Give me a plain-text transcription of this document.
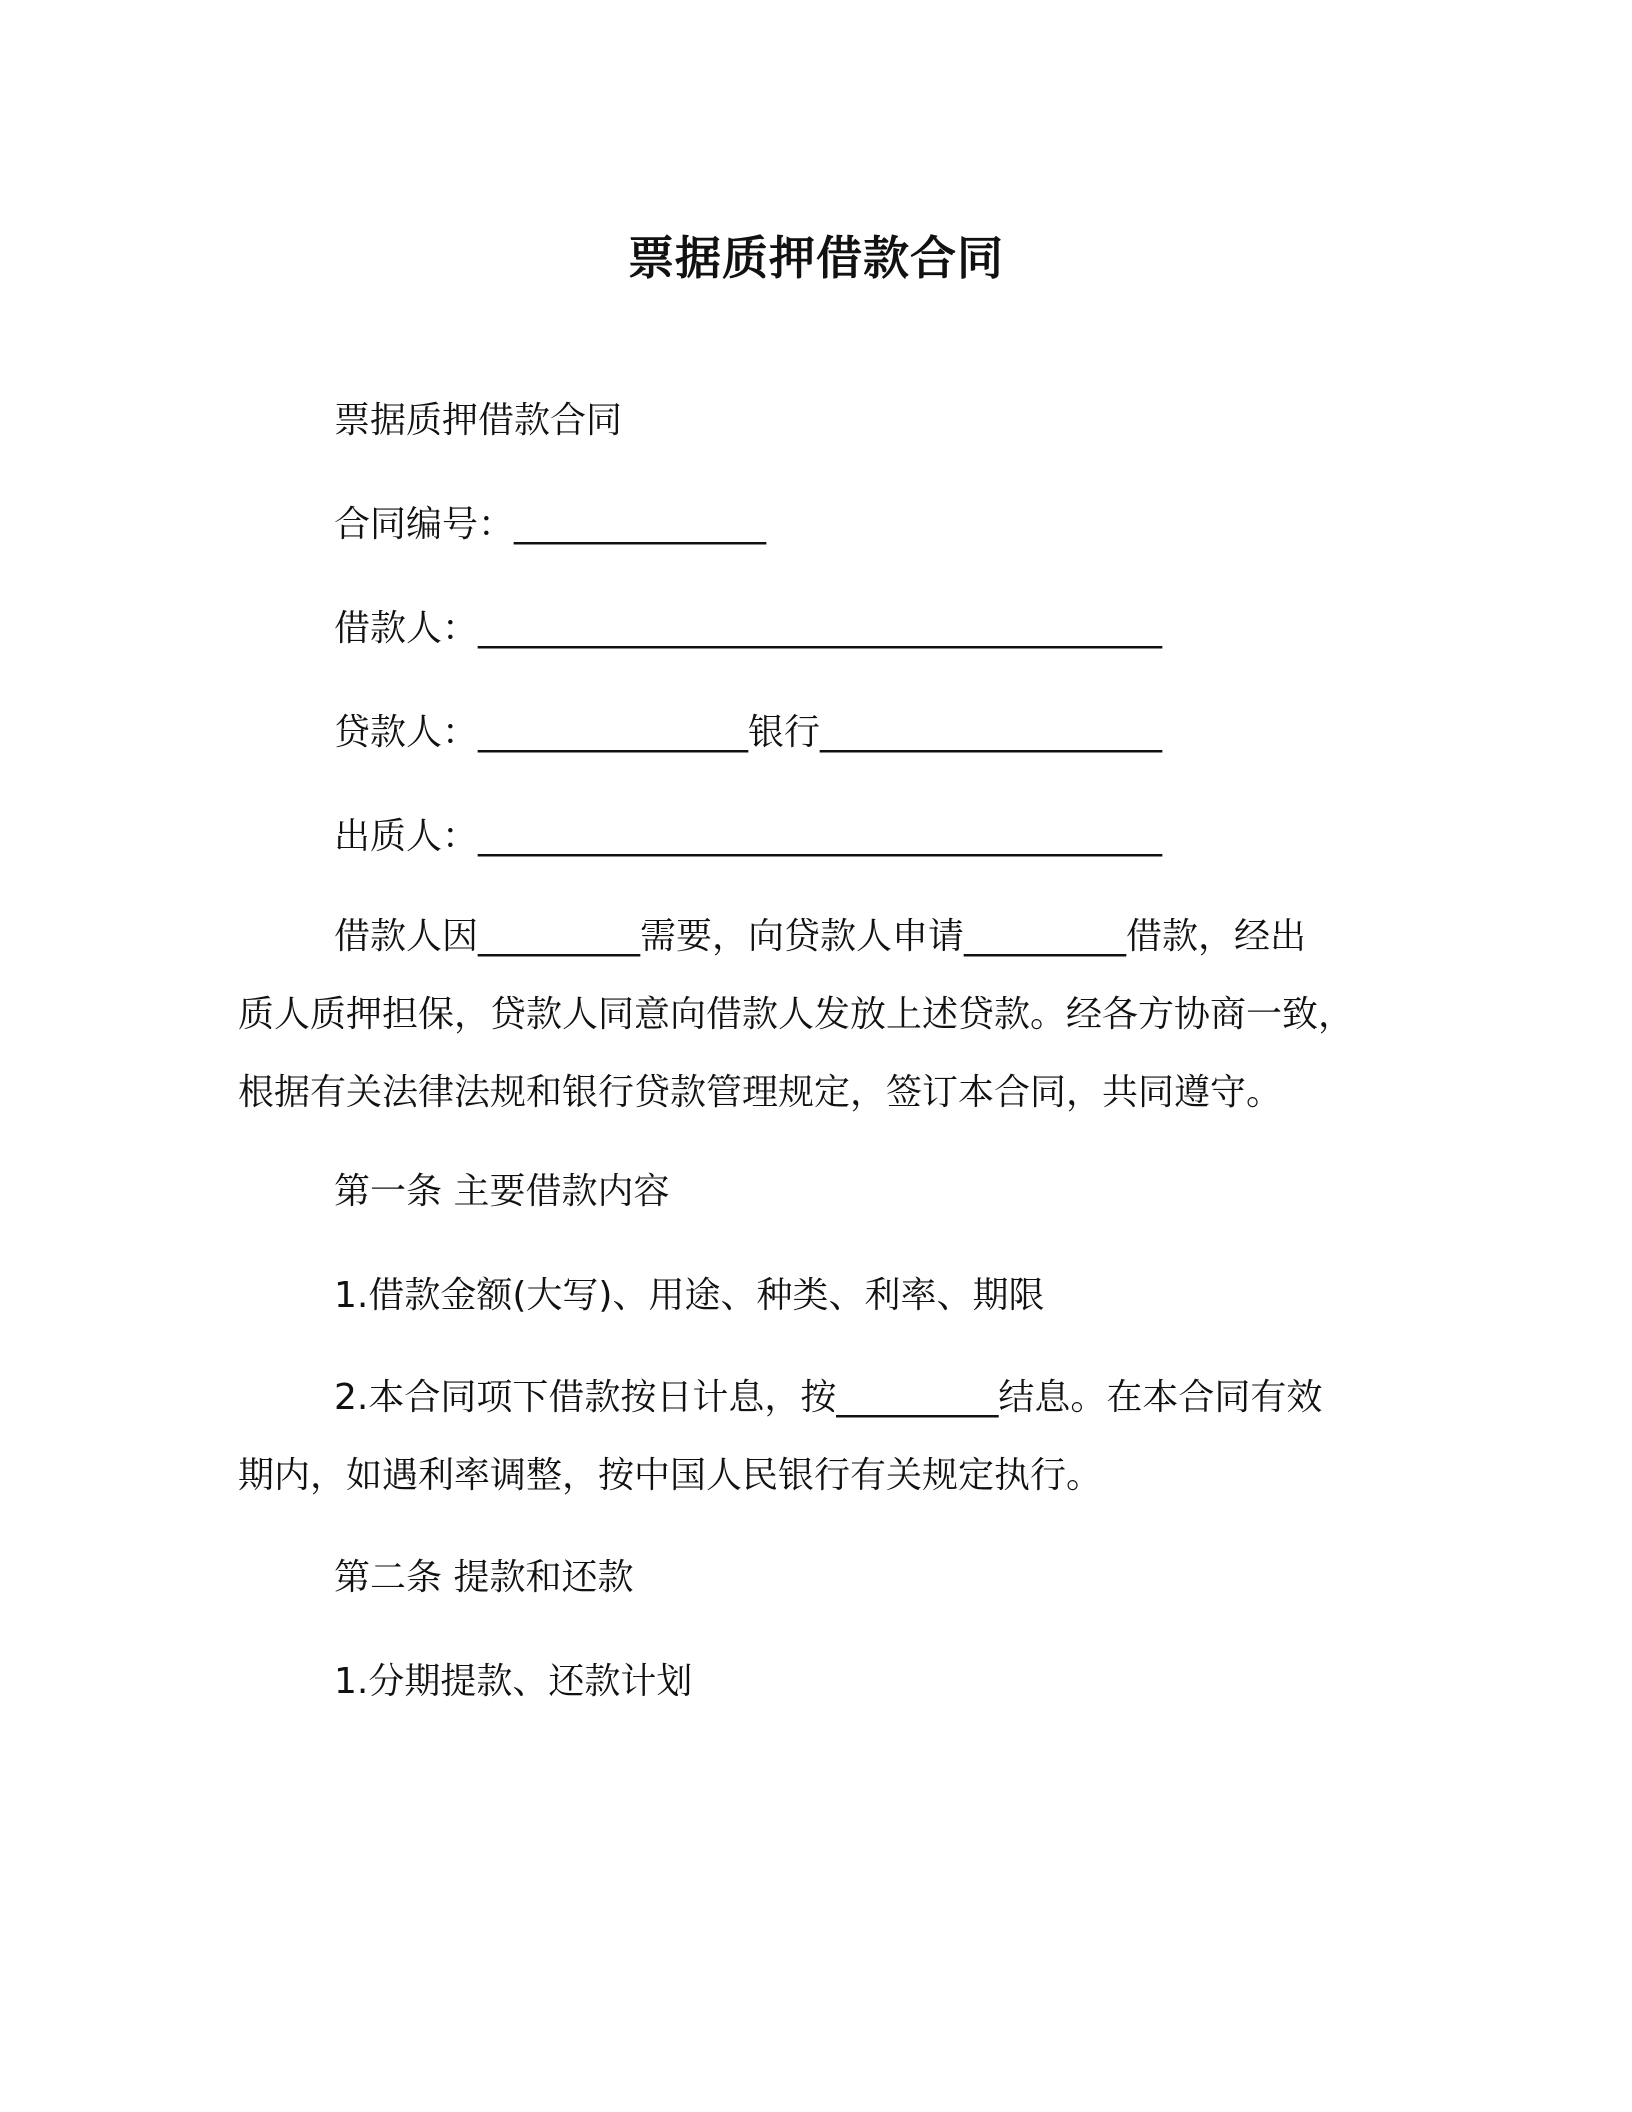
票据质押借款合同
票据质押借款合同
合同编号：______________
借款人：______________________________________
贷款人：_______________银行___________________
出质人：______________________________________
借款人因_________需要，向贷款人申请_________借款，经出
质人质押担保，贷款人同意向借款人发放上述贷款。经各方协商一致，
根据有关法律法规和银行贷款管理规定，签订本合同，共同遵守。
第一条 主要借款内容
1.借款金额(大写)、用途、种类、利率、期限
2.本合同项下借款按日计息，按_________结息。在本合同有效
期内，如遇利率调整，按中国人民银行有关规定执行。
第二条 提款和还款
1.分期提款、还款计划
